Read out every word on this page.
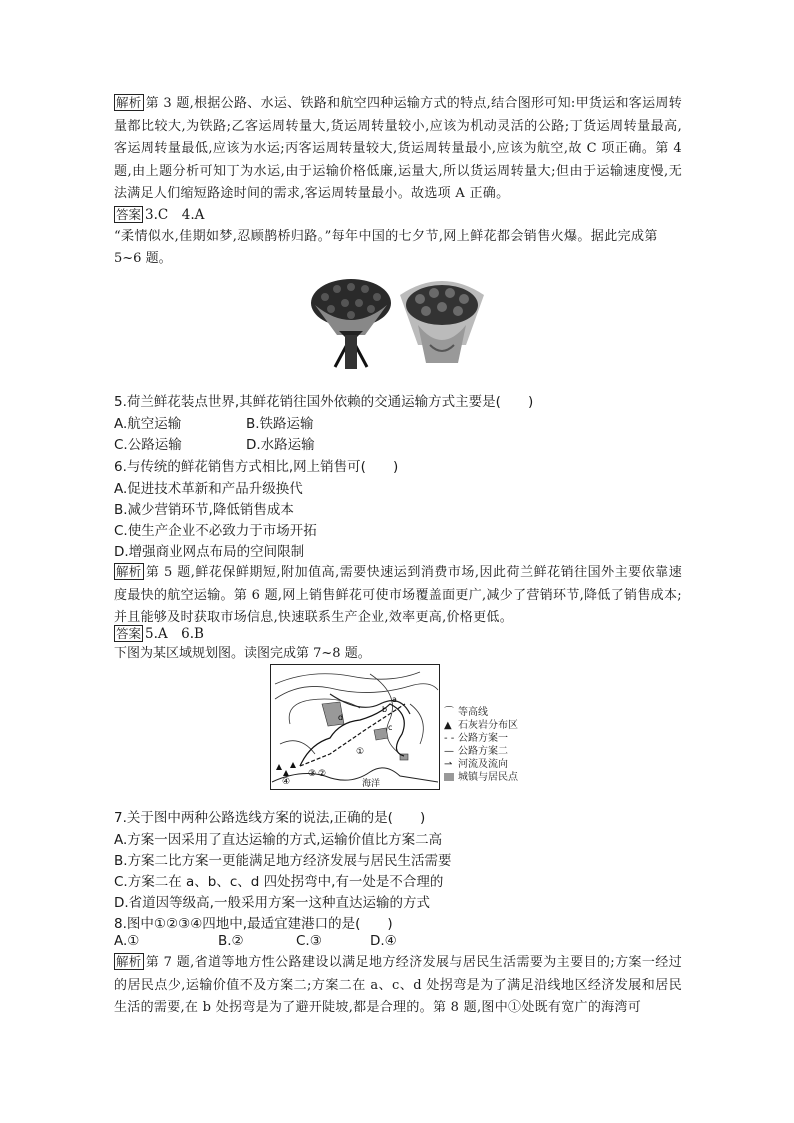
解析 第 3 题,根据公路、水运、铁路和航空四种运输方式的特点,结合图形可知:甲货运和客运周转量都比较大,为铁路;乙客运周转量大,货运周转量较小,应该为机动灵活的公路;丁货运周转量最高,客运周转量最低,应该为水运;丙客运周转量较大,货运周转量最小,应该为航空,故 C 项正确。第 4 题,由上题分析可知丁为水运,由于运输价格低廉,运量大,所以货运周转量大;但由于运输速度慢,无法满足人们缩短路途时间的需求,客运周转量最小。故选项 A 正确。
答案 3.C　4.A
“柔情似水,佳期如梦,忍顾鹊桥归路。”每年中国的七夕节,网上鲜花都会销售火爆。据此完成第
5~6 题。
5.荷兰鲜花装点世界,其鲜花销往国外依赖的交通运输方式主要是(　　)
A.航空运输	B.铁路运输
C.公路运输	D.水路运输
6.与传统的鲜花销售方式相比,网上销售可(　　)
A.促进技术革新和产品升级换代
B.减少营销环节,降低销售成本
C.使生产企业不必致力于市场开拓
D.增强商业网点布局的空间限制
解析 第 5 题,鲜花保鲜期短,附加值高,需要快速运到消费市场,因此荷兰鲜花销往国外主要依靠速度最快的航空运输。第 6 题,网上销售鲜花可使市场覆盖面更广,减少了营销环节,降低了销售成本;并且能够及时获取市场信息,快速联系生产企业,效率更高,价格更低。
答案 5.A　6.B
下图为某区域规划图。读图完成第 7~8 题。
d
a
b
c
①
②
③
④	海洋
⌒ 等高线
▲ 石灰岩分布区
- - 公路方案一
— 公路方案二
⇀ 河流及流向
城镇与居民点
7.关于图中两种公路选线方案的说法,正确的是(　　)
A.方案一因采用了直达运输的方式,运输价值比方案二高
B.方案二比方案一更能满足地方经济发展与居民生活需要
C.方案二在 a、b、c、d 四处拐弯中,有一处是不合理的
D.省道因等级高,一般采用方案一这种直达运输的方式
8.图中①②③④四地中,最适宜建港口的是(　　)
A.①	B.②	C.③	D.④
解析 第 7 题,省道等地方性公路建设以满足地方经济发展与居民生活需要为主要目的;方案一经过的居民点少,运输价值不及方案二;方案二在 a、c、d 处拐弯是为了满足沿线地区经济发展和居民生活的需要,在 b 处拐弯是为了避开陡坡,都是合理的。第 8 题,图中①处既有宽广的海湾可
